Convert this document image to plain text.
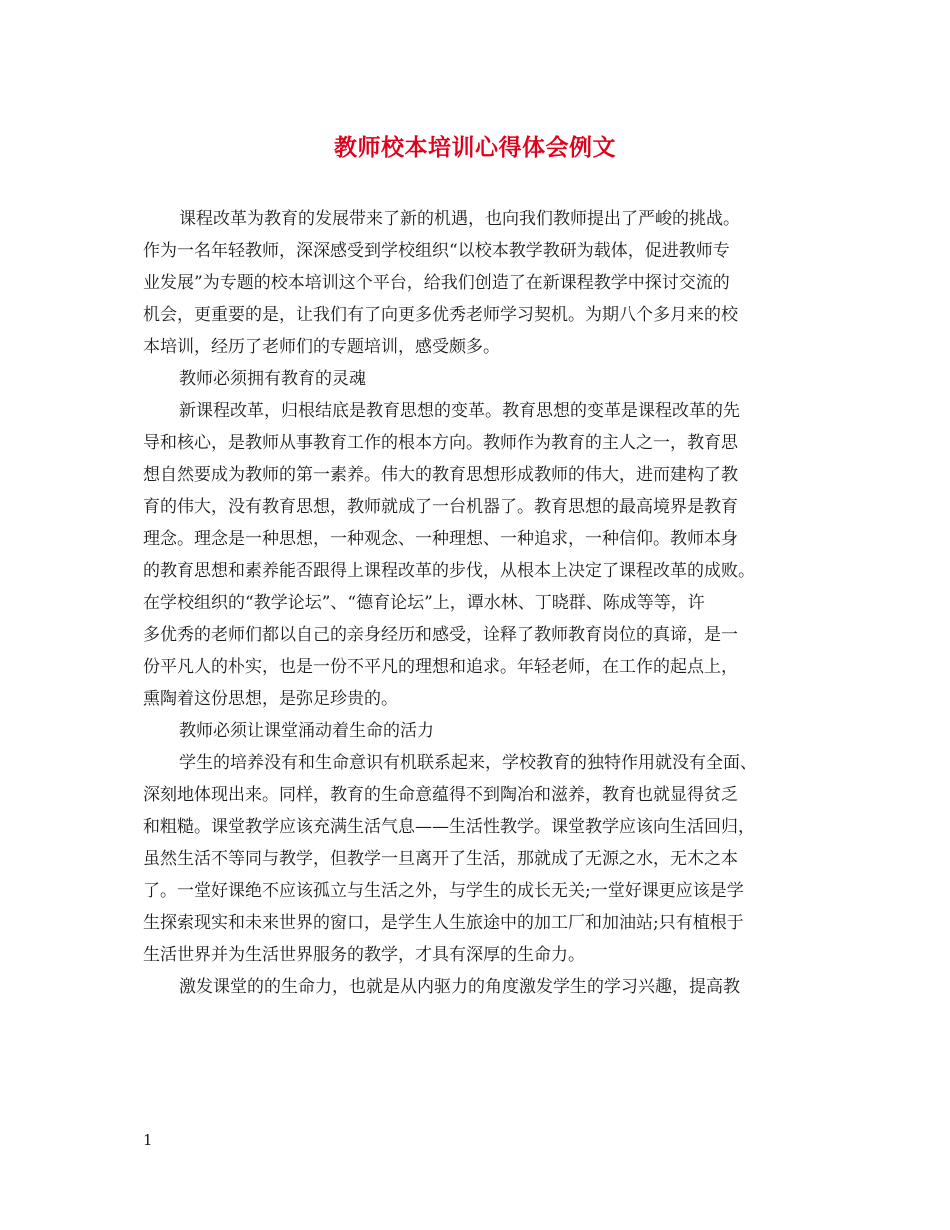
教师校本培训心得体会例文

课程改革为教育的发展带来了新的机遇，也向我们教师提出了严峻的挑战。
作为一名年轻教师，深深感受到学校组织“以校本教学教研为载体，促进教师专
业发展”为专题的校本培训这个平台，给我们创造了在新课程教学中探讨交流的
机会，更重要的是，让我们有了向更多优秀老师学习契机。为期八个多月来的校
本培训，经历了老师们的专题培训，感受颇多。

教师必须拥有教育的灵魂

新课程改革，归根结底是教育思想的变革。教育思想的变革是课程改革的先
导和核心，是教师从事教育工作的根本方向。教师作为教育的主人之一，教育思
想自然要成为教师的第一素养。伟大的教育思想形成教师的伟大，进而建构了教
育的伟大，没有教育思想，教师就成了一台机器了。教育思想的最高境界是教育
理念。理念是一种思想，一种观念、一种理想、一种追求，一种信仰。教师本身
的教育思想和素养能否跟得上课程改革的步伐，从根本上决定了课程改革的成败。
在学校组织的“教学论坛”、“德育论坛”上，谭水林、丁晓群、陈成等等，许
多优秀的老师们都以自己的亲身经历和感受，诠释了教师教育岗位的真谛，是一
份平凡人的朴实，也是一份不平凡的理想和追求。年轻老师，在工作的起点上，
熏陶着这份思想，是弥足珍贵的。

教师必须让课堂涌动着生命的活力

学生的培养没有和生命意识有机联系起来，学校教育的独特作用就没有全面、
深刻地体现出来。同样，教育的生命意蕴得不到陶冶和滋养，教育也就显得贫乏
和粗糙。课堂教学应该充满生活气息——生活性教学。课堂教学应该向生活回归，
虽然生活不等同与教学，但教学一旦离开了生活，那就成了无源之水，无木之本
了。一堂好课绝不应该孤立与生活之外，与学生的成长无关;一堂好课更应该是学
生探索现实和未来世界的窗口，是学生人生旅途中的加工厂和加油站;只有植根于
生活世界并为生活世界服务的教学，才具有深厚的生命力。

激发课堂的的生命力，也就是从内驱力的角度激发学生的学习兴趣，提高教

1
